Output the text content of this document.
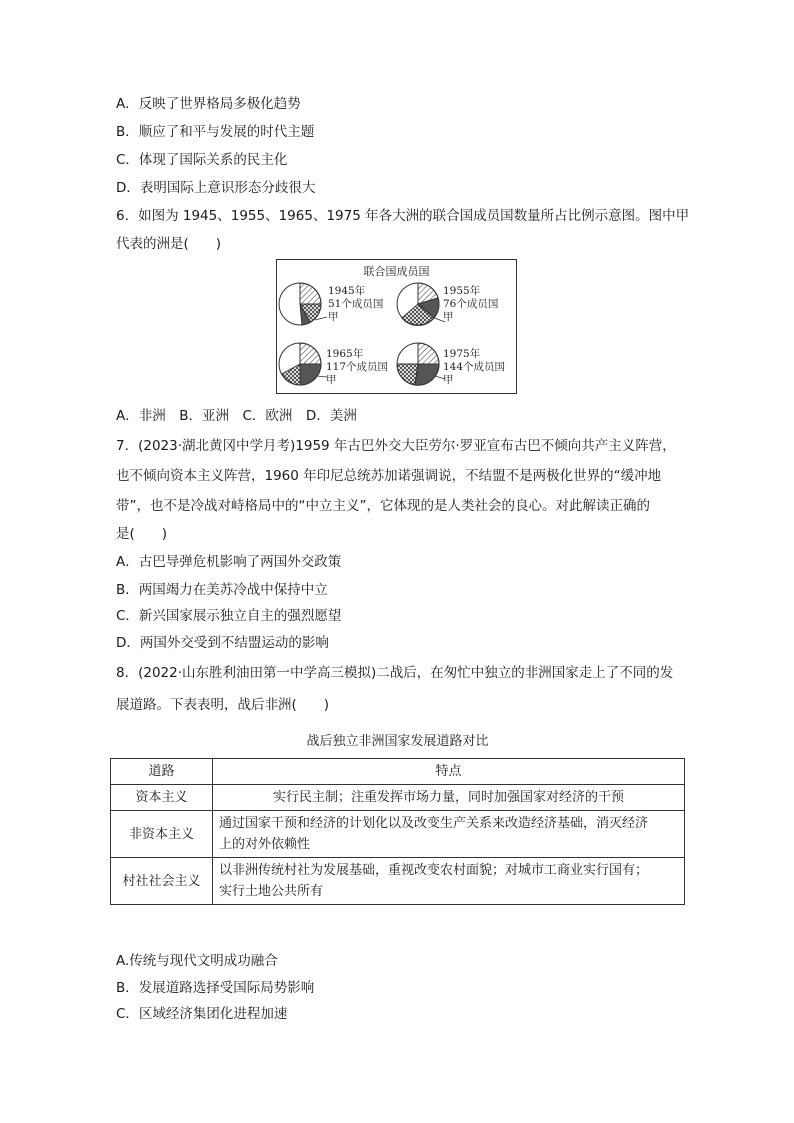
A．反映了世界格局多极化趋势
B．顺应了和平与发展的时代主题
C．体现了国际关系的民主化
D．表明国际上意识形态分歧很大
6．如图为 1945、1955、1965、1975 年各大洲的联合国成员国数量所占比例示意图。图中甲
代表的洲是(　　)
联合国成员国
1945年
51个成员国
甲
1955年
76个成员国
甲
1965年
117个成员国
甲
1975年
144个成员国
甲
A．非洲　B．亚洲　C．欧洲　D．美洲
7．(2023·湖北黄冈中学月考)1959 年古巴外交大臣劳尔·罗亚宣布古巴不倾向共产主义阵营，
也不倾向资本主义阵营，1960 年印尼总统苏加诺强调说，不结盟不是两极化世界的“缓冲地
带”，也不是冷战对峙格局中的“中立主义”，它体现的是人类社会的良心。对此解读正确的
是(　　)
A．古巴导弹危机影响了两国外交政策
B．两国竭力在美苏冷战中保持中立
C．新兴国家展示独立自主的强烈愿望
D．两国外交受到不结盟运动的影响
8．(2022·山东胜利油田第一中学高三模拟)二战后，在匆忙中独立的非洲国家走上了不同的发
展道路。下表表明，战后非洲(　　)
战后独立非洲国家发展道路对比
道路	特点
资本主义	实行民主制；注重发挥市场力量，同时加强国家对经济的干预

非资本主义	通过国家干预和经济的计划化以及改变生产关系来改造经济基础，消灭经济
上的对外依赖性

村社社会主义	以非洲传统村社为发展基础，重视改变农村面貌；对城市工商业实行国有；
实行土地公共所有
A.传统与现代文明成功融合
B．发展道路选择受国际局势影响
C．区域经济集团化进程加速
